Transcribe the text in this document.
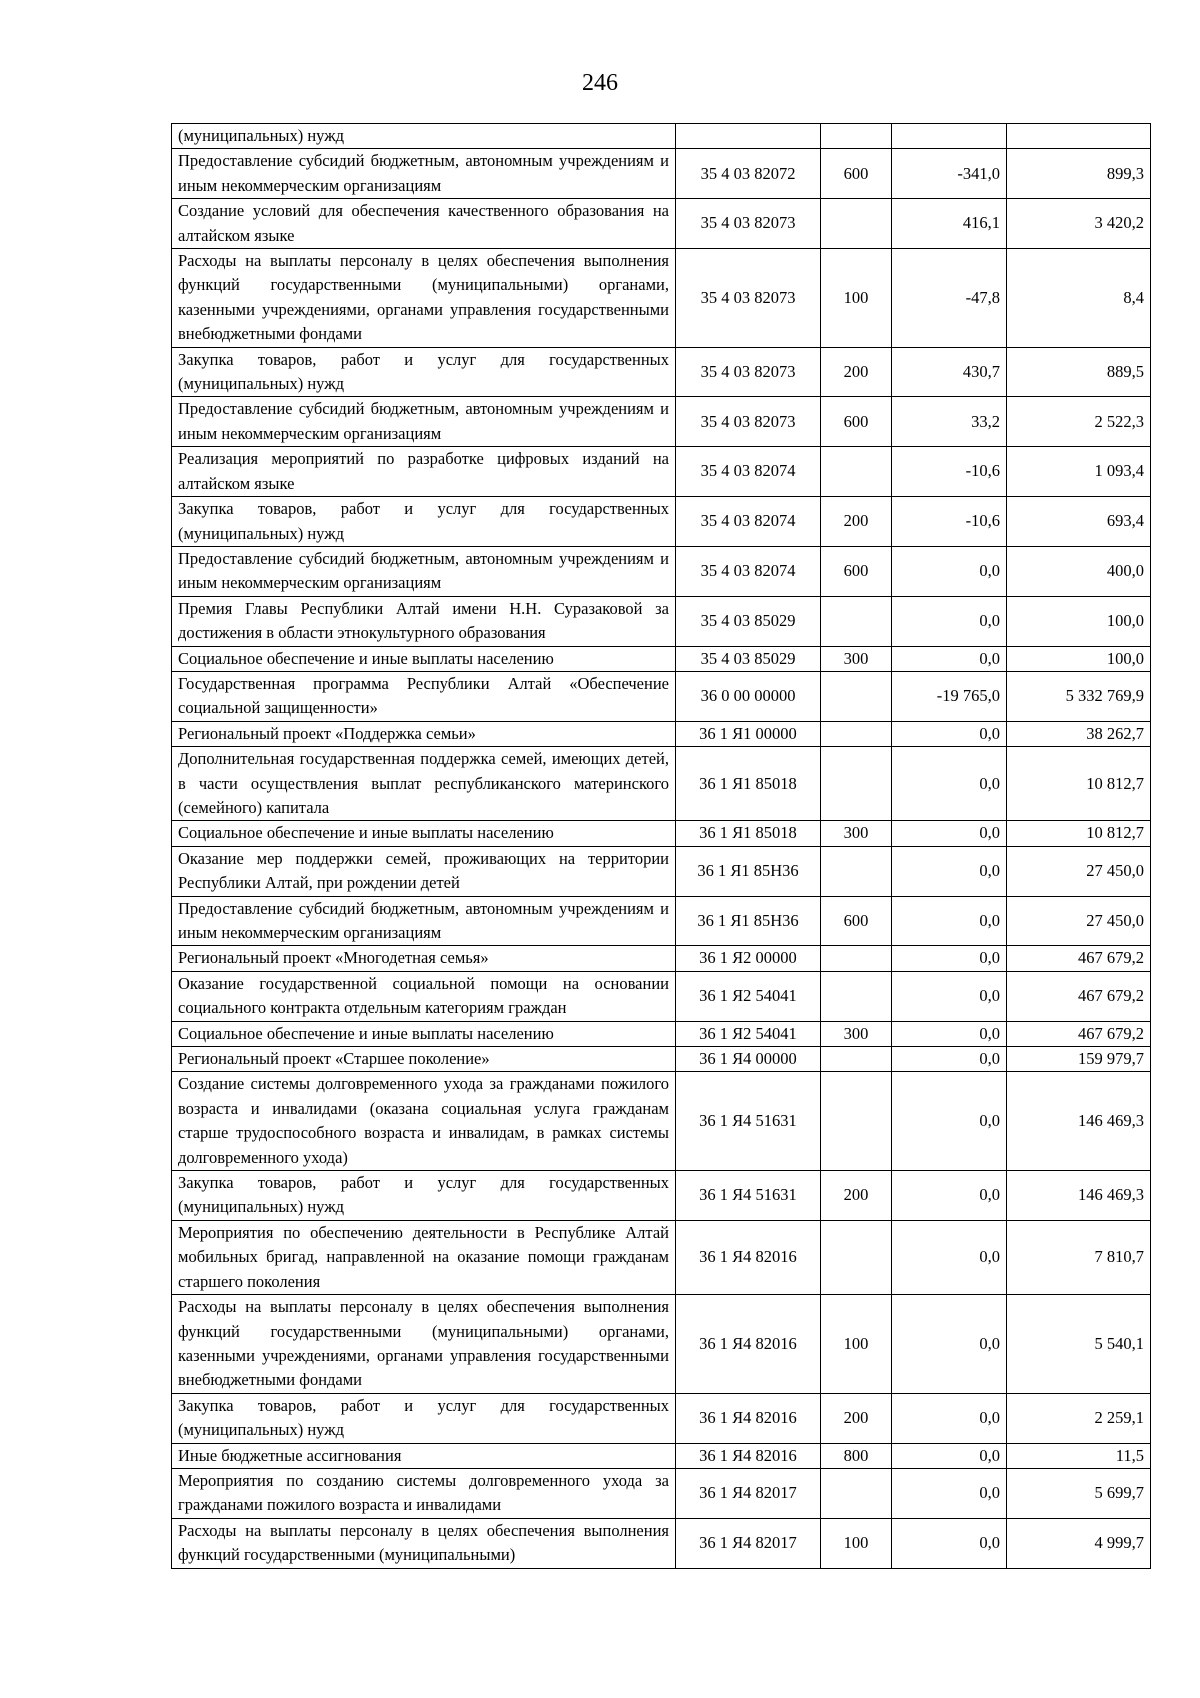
246
(муниципальных) нужд				
Предоставление субсидий бюджетным, автономным учреждениям и иным некоммерческим организациям	35 4 03 82072	600	-341,0	899,3
Создание условий для обеспечения качественного образования на алтайском языке	35 4 03 82073		416,1	3 420,2
Расходы на выплаты персоналу в целях обеспечения выполнения функций государственными (муниципальными) органами, казенными учреждениями, органами управления государственными внебюджетными фондами	35 4 03 82073	100	-47,8	8,4
Закупка товаров, работ и услуг для государственных (муниципальных) нужд	35 4 03 82073	200	430,7	889,5
Предоставление субсидий бюджетным, автономным учреждениям и иным некоммерческим организациям	35 4 03 82073	600	33,2	2 522,3
Реализация мероприятий по разработке цифровых изданий на алтайском языке	35 4 03 82074		-10,6	1 093,4
Закупка товаров, работ и услуг для государственных (муниципальных) нужд	35 4 03 82074	200	-10,6	693,4
Предоставление субсидий бюджетным, автономным учреждениям и иным некоммерческим организациям	35 4 03 82074	600	0,0	400,0
Премия Главы Республики Алтай имени Н.Н. Суразаковой за достижения в области этнокультурного образования	35 4 03 85029		0,0	100,0
Социальное обеспечение и иные выплаты населению	35 4 03 85029	300	0,0	100,0
Государственная программа Республики Алтай «Обеспечение социальной защищенности»	36 0 00 00000		-19 765,0	5 332 769,9
Региональный проект «Поддержка семьи»	36 1 Я1 00000		0,0	38 262,7
Дополнительная государственная поддержка семей, имеющих детей, в части осуществления выплат республиканского материнского (семейного) капитала	36 1 Я1 85018		0,0	10 812,7
Социальное обеспечение и иные выплаты населению	36 1 Я1 85018	300	0,0	10 812,7
Оказание мер поддержки семей, проживающих на территории Республики Алтай, при рождении детей	36 1 Я1 85Н36		0,0	27 450,0
Предоставление субсидий бюджетным, автономным учреждениям и иным некоммерческим организациям	36 1 Я1 85Н36	600	0,0	27 450,0
Региональный проект «Многодетная семья»	36 1 Я2 00000		0,0	467 679,2
Оказание государственной социальной помощи на основании социального контракта отдельным категориям граждан	36 1 Я2 54041		0,0	467 679,2
Социальное обеспечение и иные выплаты населению	36 1 Я2 54041	300	0,0	467 679,2
Региональный проект «Старшее поколение»	36 1 Я4 00000		0,0	159 979,7
Создание системы долговременного ухода за гражданами пожилого возраста и инвалидами (оказана социальная услуга гражданам старше трудоспособного возраста и инвалидам, в рамках системы долговременного ухода)	36 1 Я4 51631		0,0	146 469,3
Закупка товаров, работ и услуг для государственных (муниципальных) нужд	36 1 Я4 51631	200	0,0	146 469,3
Мероприятия по обеспечению деятельности в Республике Алтай мобильных бригад, направленной на оказание помощи гражданам старшего поколения	36 1 Я4 82016		0,0	7 810,7
Расходы на выплаты персоналу в целях обеспечения выполнения функций государственными (муниципальными) органами, казенными учреждениями, органами управления государственными внебюджетными фондами	36 1 Я4 82016	100	0,0	5 540,1
Закупка товаров, работ и услуг для государственных (муниципальных) нужд	36 1 Я4 82016	200	0,0	2 259,1
Иные бюджетные ассигнования	36 1 Я4 82016	800	0,0	11,5
Мероприятия по созданию системы долговременного ухода за гражданами пожилого возраста и инвалидами	36 1 Я4 82017		0,0	5 699,7
Расходы на выплаты персоналу в целях обеспечения выполнения функций государственными (муниципальными)	36 1 Я4 82017	100	0,0	4 999,7
